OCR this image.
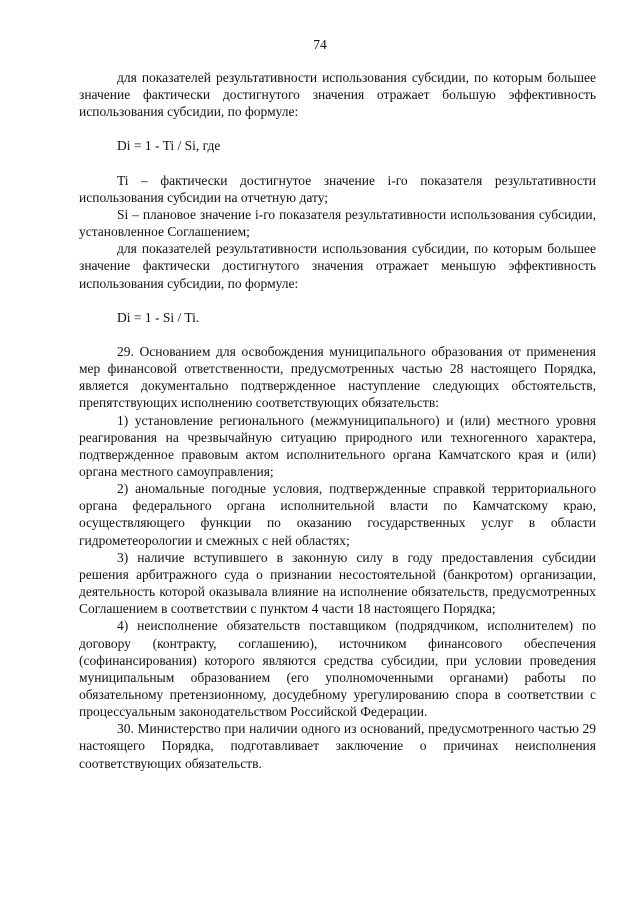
74

для показателей результативности использования субсидии, по которым большее значение фактически достигнутого значения отражает большую эффективность использования субсидии, по формуле:

Di = 1 - Ti / Si, где

Ti – фактически достигнутое значение i-го показателя результативности использования субсидии на отчетную дату;

Si – плановое значение i-го показателя результативности использования субсидии, установленное Соглашением;

для показателей результативности использования субсидии, по которым большее значение фактически достигнутого значения отражает меньшую эффективность использования субсидии, по формуле:

Di = 1 - Si / Ti.

29. Основанием для освобождения муниципального образования от применения мер финансовой ответственности, предусмотренных частью 28 настоящего Порядка, является документально подтвержденное наступление следующих обстоятельств, препятствующих исполнению соответствующих обязательств:

1) установление регионального (межмуниципального) и (или) местного уровня реагирования на чрезвычайную ситуацию природного или техногенного характера, подтвержденное правовым актом исполнительного органа Камчатского края и (или) органа местного самоуправления;

2) аномальные погодные условия, подтвержденные справкой территориального органа федерального органа исполнительной власти по Камчатскому краю, осуществляющего функции по оказанию государственных услуг в области гидрометеорологии и смежных с ней областях;

3) наличие вступившего в законную силу в году предоставления субсидии решения арбитражного суда о признании несостоятельной (банкротом) организации, деятельность которой оказывала влияние на исполнение обязательств, предусмотренных Соглашением в соответствии с пунктом 4 части 18 настоящего Порядка;

4) неисполнение обязательств поставщиком (подрядчиком, исполнителем) по договору (контракту, соглашению), источником финансового обеспечения (софинансирования) которого являются средства субсидии, при условии проведения муниципальным образованием (его уполномоченными органами) работы по обязательному претензионному, досудебному урегулированию спора в соответствии с процессуальным законодательством Российской Федерации.

30. Министерство при наличии одного из оснований, предусмотренного частью 29 настоящего Порядка, подготавливает заключение о причинах неисполнения соответствующих обязательств.
